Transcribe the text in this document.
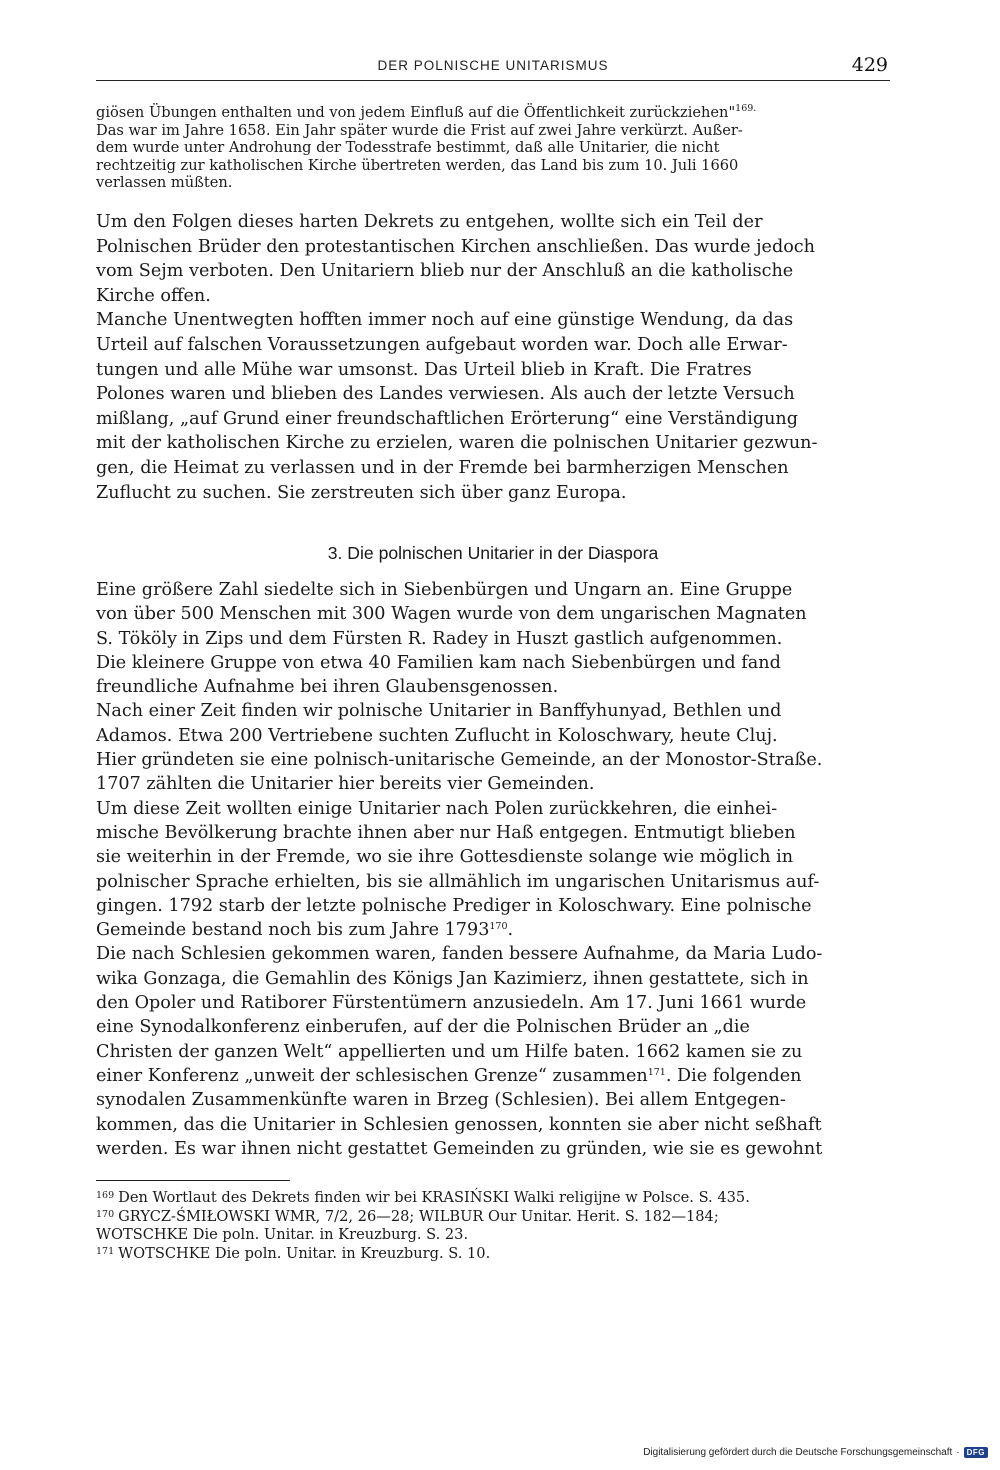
DER POLNISCHE UNITARISMUS	429
giösen Übungen enthalten und von jedem Einfluß auf die Öffentlichkeit zurückziehen"$^{169.}$
Das war im Jahre 1658. Ein Jahr später wurde die Frist auf zwei Jahre verkürzt. Außer-
dem wurde unter Androhung der Todesstrafe bestimmt, daß alle Unitarier, die nicht
rechtzeitig zur katholischen Kirche übertreten werden, das Land bis zum 10. Juli 1660
verlassen müßten.
Um den Folgen dieses harten Dekrets zu entgehen, wollte sich ein Teil der
Polnischen Brüder den protestantischen Kirchen anschließen. Das wurde jedoch
vom Sejm verboten. Den Unitariern blieb nur der Anschluß an die katholische
Kirche offen.
Manche Unentwegten hofften immer noch auf eine günstige Wendung, da das
Urteil auf falschen Voraussetzungen aufgebaut worden war. Doch alle Erwar-
tungen und alle Mühe war umsonst. Das Urteil blieb in Kraft. Die Fratres
Polones waren und blieben des Landes verwiesen. Als auch der letzte Versuch
mißlang, „auf Grund einer freundschaftlichen Erörterung“ eine Verständigung
mit der katholischen Kirche zu erzielen, waren die polnischen Unitarier gezwun-
gen, die Heimat zu verlassen und in der Fremde bei barmherzigen Menschen
Zuflucht zu suchen. Sie zerstreuten sich über ganz Europa.
3. Die polnischen Unitarier in der Diaspora
Eine größere Zahl siedelte sich in Siebenbürgen und Ungarn an. Eine Gruppe
von über 500 Menschen mit 300 Wagen wurde von dem ungarischen Magnaten
S. Tököly in Zips und dem Fürsten R. Radey in Huszt gastlich aufgenommen.
Die kleinere Gruppe von etwa 40 Familien kam nach Siebenbürgen und fand
freundliche Aufnahme bei ihren Glaubensgenossen.
Nach einer Zeit finden wir polnische Unitarier in Banffyhunyad, Bethlen und
Adamos. Etwa 200 Vertriebene suchten Zuflucht in Koloschwary, heute Cluj.
Hier gründeten sie eine polnisch-unitarische Gemeinde, an der Monostor-Straße.
1707 zählten die Unitarier hier bereits vier Gemeinden.
Um diese Zeit wollten einige Unitarier nach Polen zurückkehren, die einhei-
mische Bevölkerung brachte ihnen aber nur Haß entgegen. Entmutigt blieben
sie weiterhin in der Fremde, wo sie ihre Gottesdienste solange wie möglich in
polnischer Sprache erhielten, bis sie allmählich im ungarischen Unitarismus auf-
gingen. 1792 starb der letzte polnische Prediger in Koloschwary. Eine polnische
Gemeinde bestand noch bis zum Jahre 1793$^{170}$.
Die nach Schlesien gekommen waren, fanden bessere Aufnahme, da Maria Ludo-
wika Gonzaga, die Gemahlin des Königs Jan Kazimierz, ihnen gestattete, sich in
den Opoler und Ratiborer Fürstentümern anzusiedeln. Am 17. Juni 1661 wurde
eine Synodalkonferenz einberufen, auf der die Polnischen Brüder an „die
Christen der ganzen Welt“ appellierten und um Hilfe baten. 1662 kamen sie zu
einer Konferenz „unweit der schlesischen Grenze“ zusammen$^{171}$. Die folgenden
synodalen Zusammenkünfte waren in Brzeg (Schlesien). Bei allem Entgegen-
kommen, das die Unitarier in Schlesien genossen, konnten sie aber nicht seßhaft
werden. Es war ihnen nicht gestattet Gemeinden zu gründen, wie sie es gewohnt
$^{169}$ Den Wortlaut des Dekrets finden wir bei KRASIŃSKI Walki religijne w Polsce. S. 435.
$^{170}$ GRYCZ-ŚMIŁOWSKI WMR, 7/2, 26—28; WILBUR Our Unitar. Herit. S. 182—184;
WOTSCHKE Die poln. Unitar. in Kreuzburg. S. 23.
$^{171}$ WOTSCHKE Die poln. Unitar. in Kreuzburg. S. 10.
Digitalisierung gefördert durch die Deutsche Forschungsgemeinschaft · DFG
